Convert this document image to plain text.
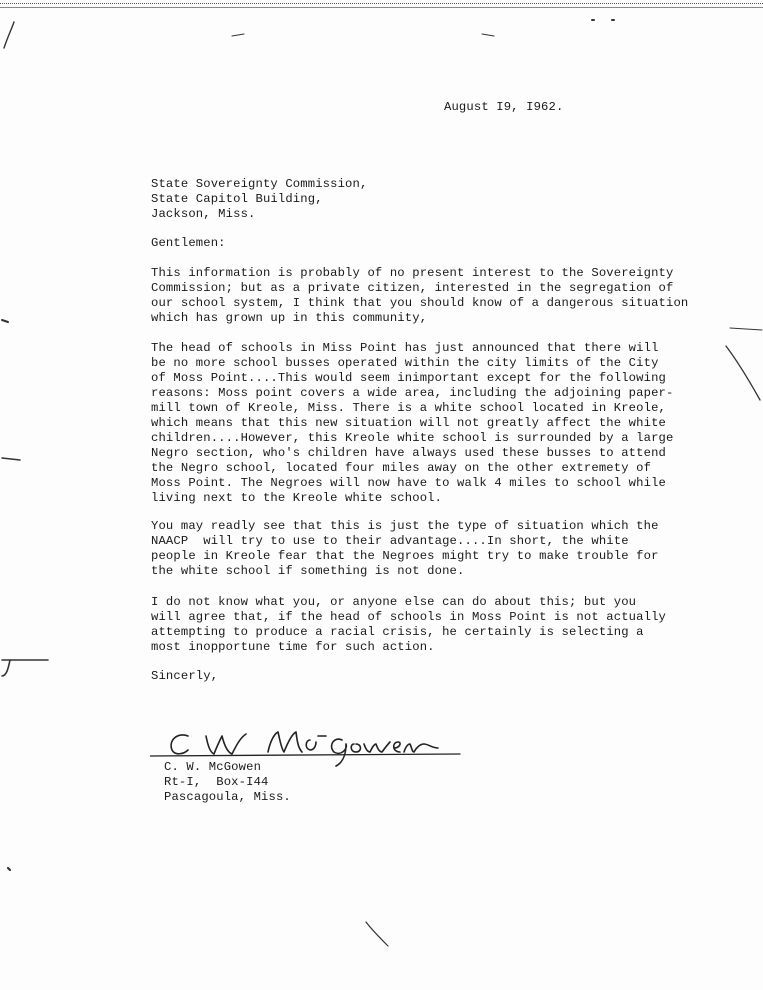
August I9, I962.
State Sovereignty Commission,
State Capitol Building,
Jackson, Miss.
Gentlemen:
This information is probably of no present interest to the Sovereignty
Commission; but as a private citizen, interested in the segregation of
our school system, I think that you should know of a dangerous situation
which has grown up in this community,
The head of schools in Miss Point has just announced that there will
be no more school busses operated within the city limits of the City
of Moss Point....This would seem inimportant except for the following
reasons: Moss point covers a wide area, including the adjoining paper-
mill town of Kreole, Miss. There is a white school located in Kreole,
which means that this new situation will not greatly affect the white
children....However, this Kreole white school is surrounded by a large
Negro section, who's children have always used these busses to attend
the Negro school, located four miles away on the other extremety of
Moss Point. The Negroes will now have to walk 4 miles to school while
living next to the Kreole white school.
You may readly see that this is just the type of situation which the
NAACP  will try to use to their advantage....In short, the white
people in Kreole fear that the Negroes might try to make trouble for
the white school if something is not done.
I do not know what you, or anyone else can do about this; but you
will agree that, if the head of schools in Moss Point is not actually
attempting to produce a racial crisis, he certainly is selecting a
most inopportune time for such action.
Sincerly,
C. W. McGowen
Rt-I,  Box-I44
Pascagoula, Miss.
